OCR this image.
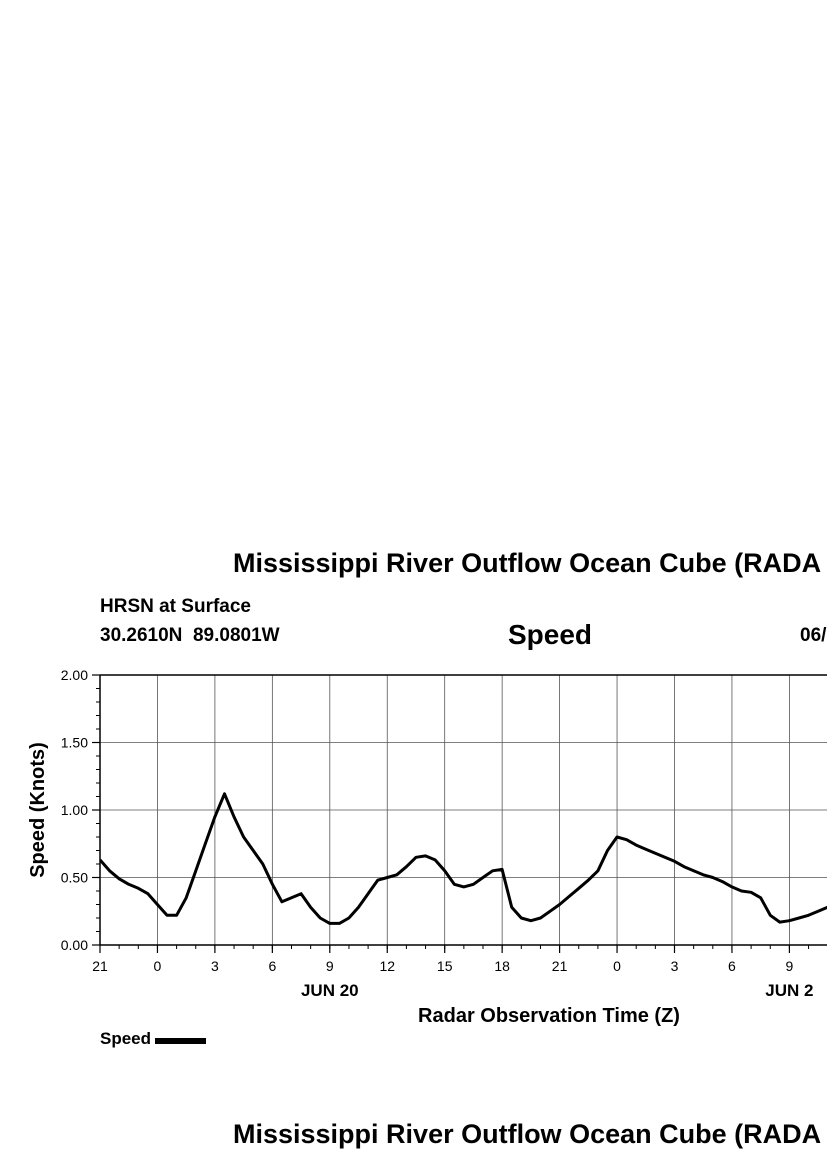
Mississippi River Outflow Ocean Cube (RADA
HRSN at Surface
30.2610N  89.0801W	Speed	06/
0.00
0.50
1.00
1.50
2.00
21	0	3	6	9	12	15	18	21	0	3	6	9
JUN 20	JUN 2
Radar Observation Time (Z)
Speed (Knots)
Speed
Mississippi River Outflow Ocean Cube (RADA
